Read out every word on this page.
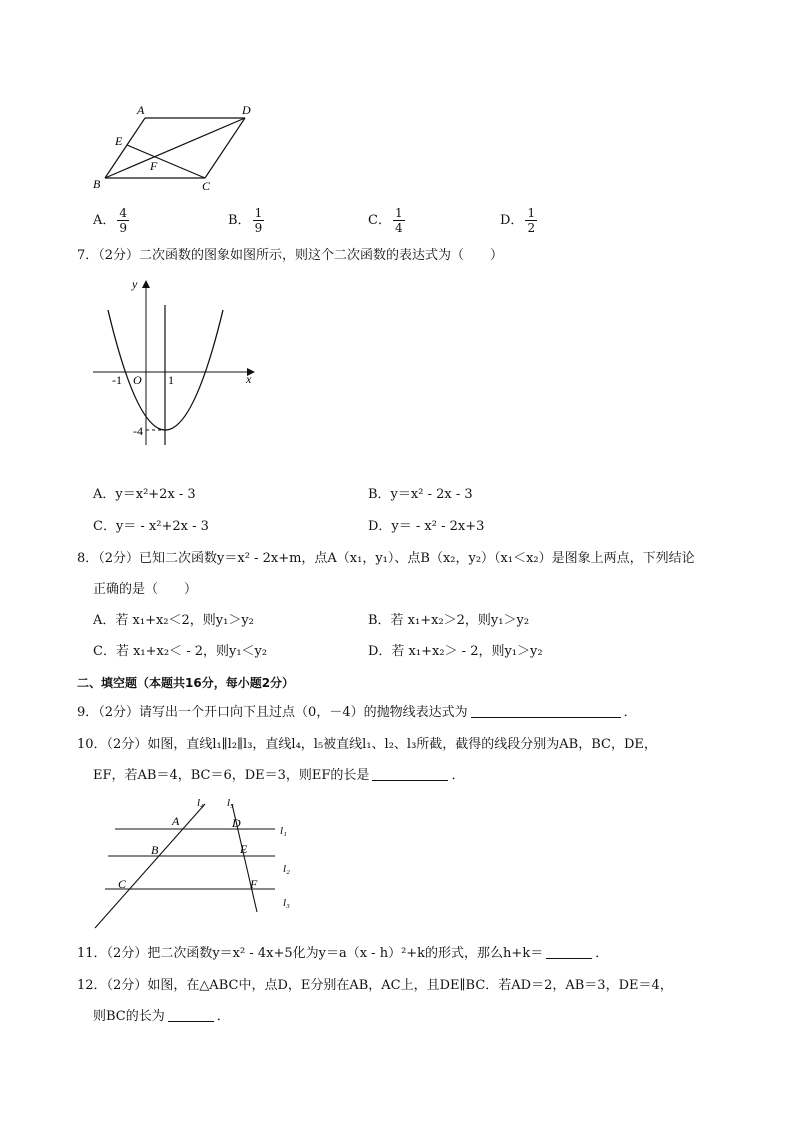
A	D
E
F
B	C
A． $\frac{4}{9}$	B． $\frac{1}{9}$	C． $\frac{1}{4}$	D． $\frac{1}{2}$
7．（2分）二次函数的图象如图所示，则这个二次函数的表达式为（　　）
y
x
O
-1	1
-4
A．y＝x²+2x - 3	B．y＝x² - 2x - 3
C．y＝ - x²+2x - 3	D．y＝ - x² - 2x+3
8．（2分）已知二次函数y＝x² - 2x+m，点A（x₁，y₁）、点B（x₂，y₂）（x₁＜x₂）是图象上两点，下列结论
正确的是（　　）
A．若 x₁+x₂＜2，则y₁＞y₂	B．若 x₁+x₂＞2，则y₁＞y₂
C．若 x₁+x₂＜ - 2，则y₁＜y₂	D．若 x₁+x₂＞ - 2，则y₁＞y₂
二、填空题（本题共16分，每小题2分）
9．（2分）请写出一个开口向下且过点（0，－4）的抛物线表达式为	．
10．（2分）如图，直线l₁∥l₂∥l₃，直线l₄，l₅被直线l₁、l₂、l₃所截，截得的线段分别为AB，BC，DE，
EF，若AB＝4，BC＝6，DE＝3，则EF的长是	．
l₄ l₅
l₁
l₂
l₃
A	D
B	E
C	F
11．（2分）把二次函数y＝x² - 4x+5化为y＝a（x - h）²+k的形式，那么h+k＝	．
12．（2分）如图，在△ABC中，点D，E分别在AB，AC上，且DE∥BC．若AD＝2，AB＝3，DE＝4，
则BC的长为	．
